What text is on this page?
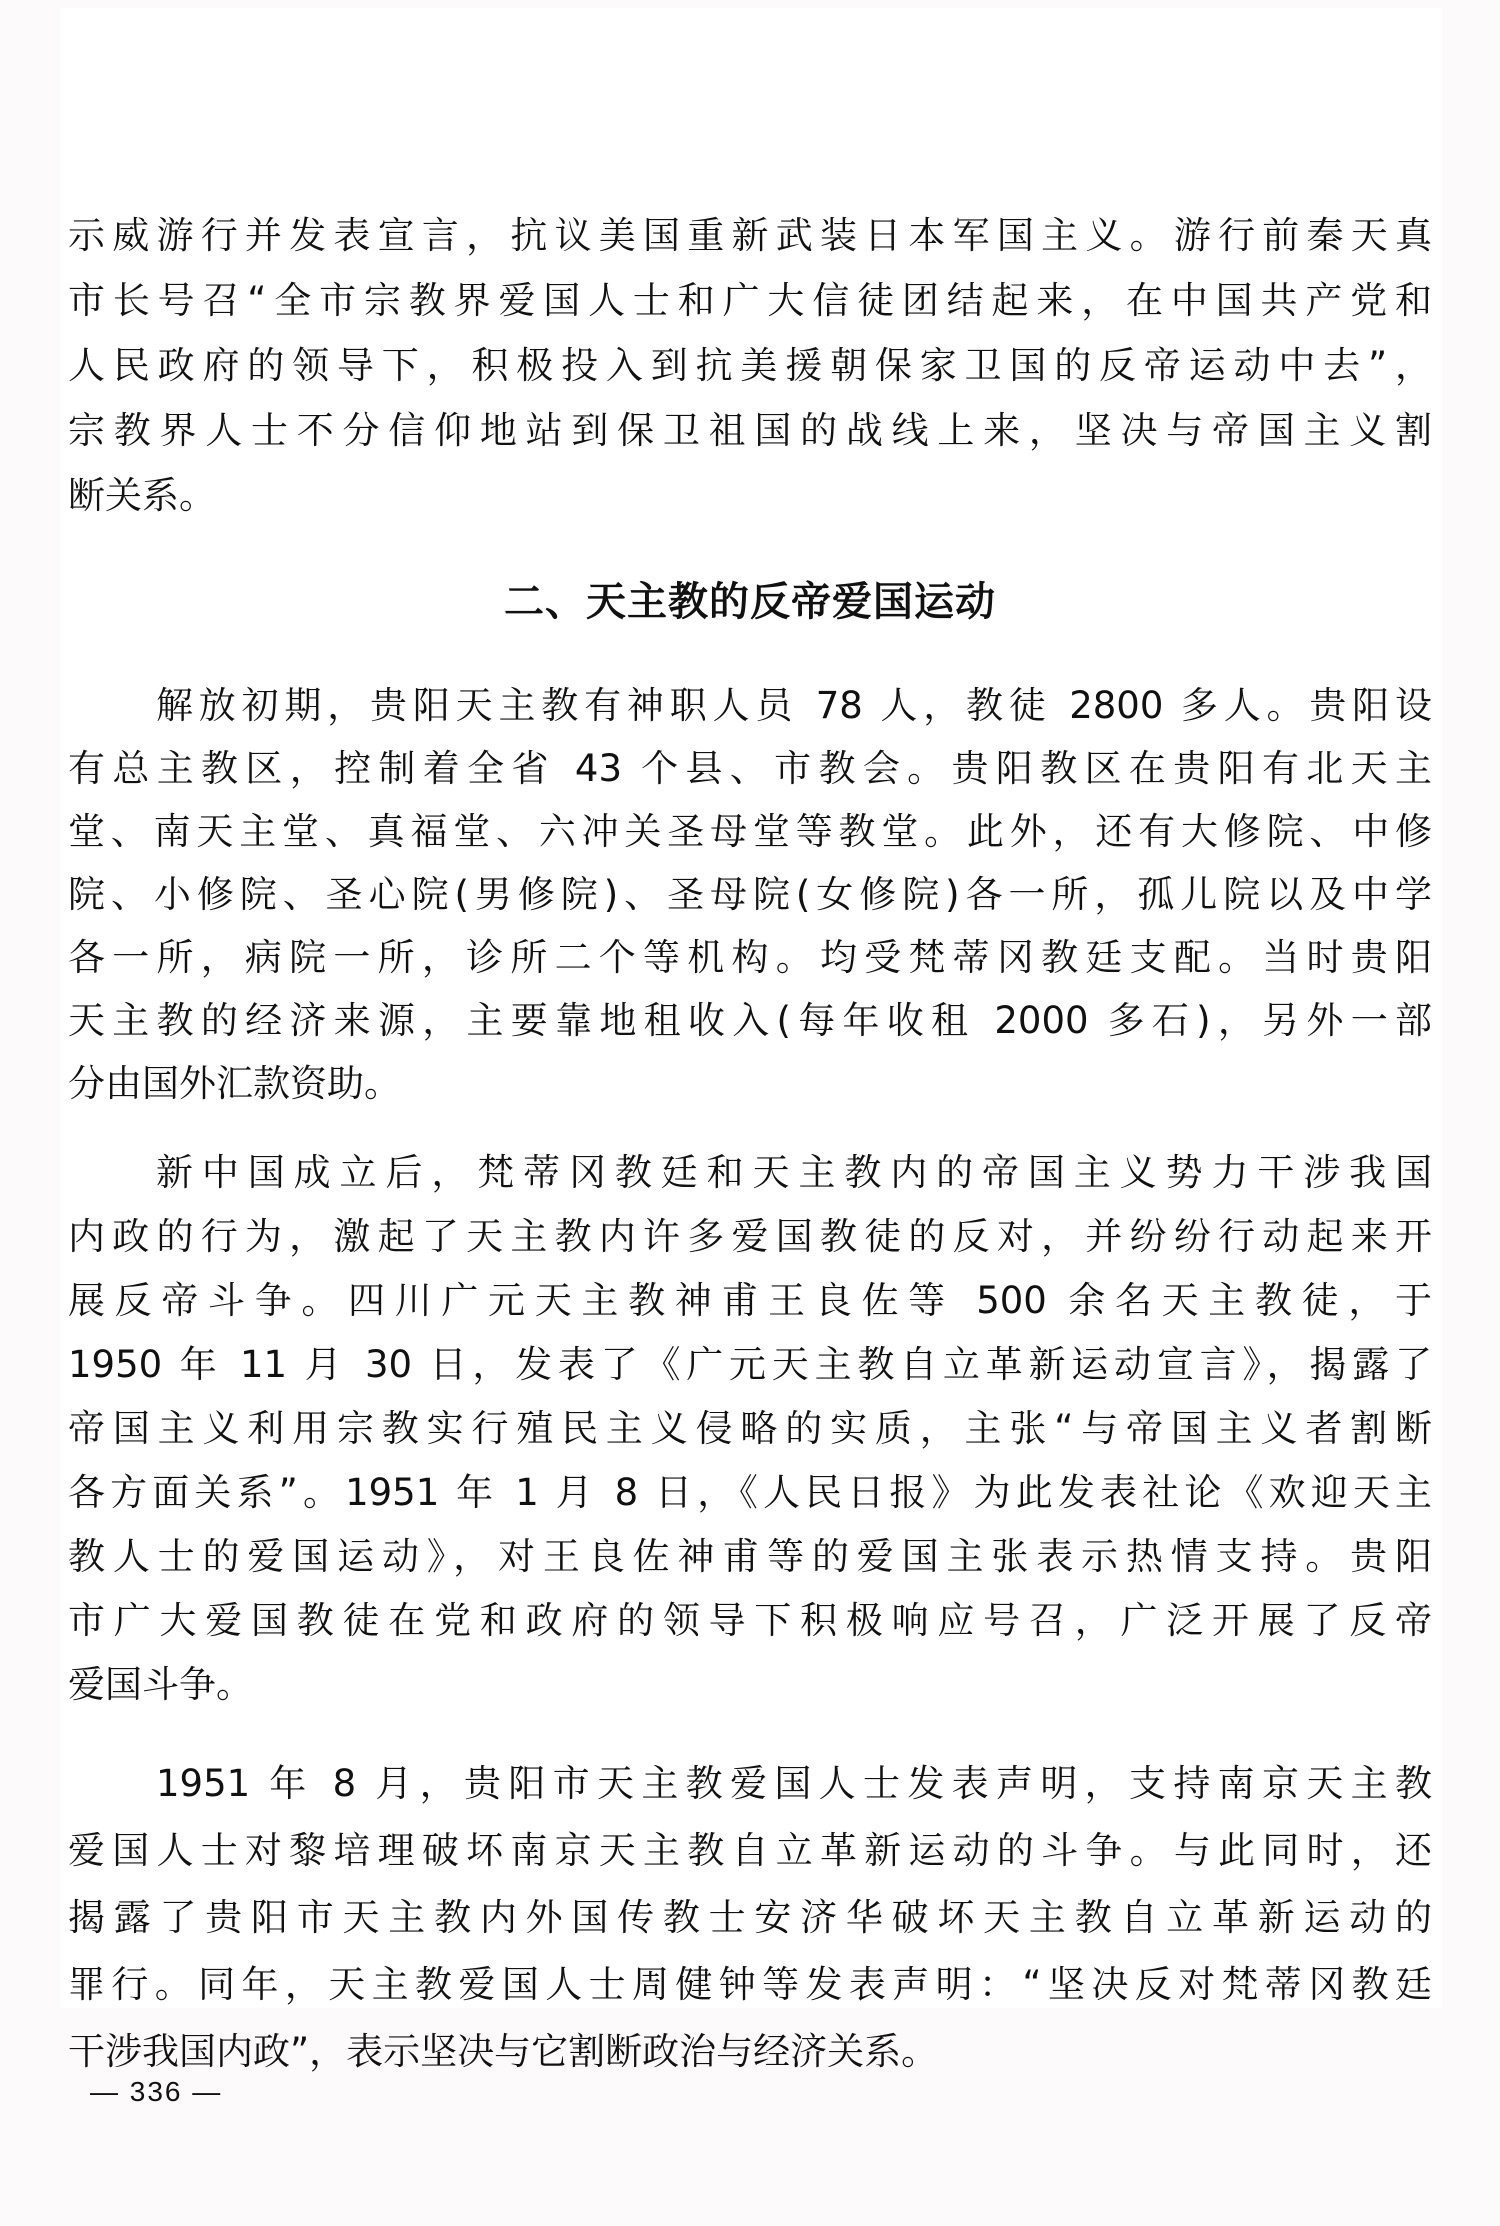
示威游行并发表宣言，抗议美国重新武装日本军国主义。游行前秦天真
市长号召“全市宗教界爱国人士和广大信徒团结起来，在中国共产党和
人民政府的领导下，积极投入到抗美援朝保家卫国的反帝运动中去”，
宗教界人士不分信仰地站到保卫祖国的战线上来，坚决与帝国主义割
断关系。
二、天主教的反帝爱国运动
解放初期，贵阳天主教有神职人员 78 人，教徒 2800 多人。贵阳设
有总主教区，控制着全省 43 个县、市教会。贵阳教区在贵阳有北天主
堂、南天主堂、真福堂、六冲关圣母堂等教堂。此外，还有大修院、中修
院、小修院、圣心院(男修院)、圣母院(女修院)各一所，孤儿院以及中学
各一所，病院一所，诊所二个等机构。均受梵蒂冈教廷支配。当时贵阳
天主教的经济来源，主要靠地租收入(每年收租 2000 多石)，另外一部
分由国外汇款资助。
新中国成立后，梵蒂冈教廷和天主教内的帝国主义势力干涉我国
内政的行为，激起了天主教内许多爱国教徒的反对，并纷纷行动起来开
展反帝斗争。四川广元天主教神甫王良佐等 500 余名天主教徒，于
1950 年 11 月 30 日，发表了《广元天主教自立革新运动宣言》，揭露了
帝国主义利用宗教实行殖民主义侵略的实质，主张“与帝国主义者割断
各方面关系”。1951 年 1 月 8 日，《人民日报》为此发表社论《欢迎天主
教人士的爱国运动》，对王良佐神甫等的爱国主张表示热情支持。贵阳
市广大爱国教徒在党和政府的领导下积极响应号召，广泛开展了反帝
爱国斗争。
1951 年 8 月，贵阳市天主教爱国人士发表声明，支持南京天主教
爱国人士对黎培理破坏南京天主教自立革新运动的斗争。与此同时，还
揭露了贵阳市天主教内外国传教士安济华破坏天主教自立革新运动的
罪行。同年，天主教爱国人士周健钟等发表声明：“坚决反对梵蒂冈教廷
干涉我国内政”，表示坚决与它割断政治与经济关系。
— 336 —
